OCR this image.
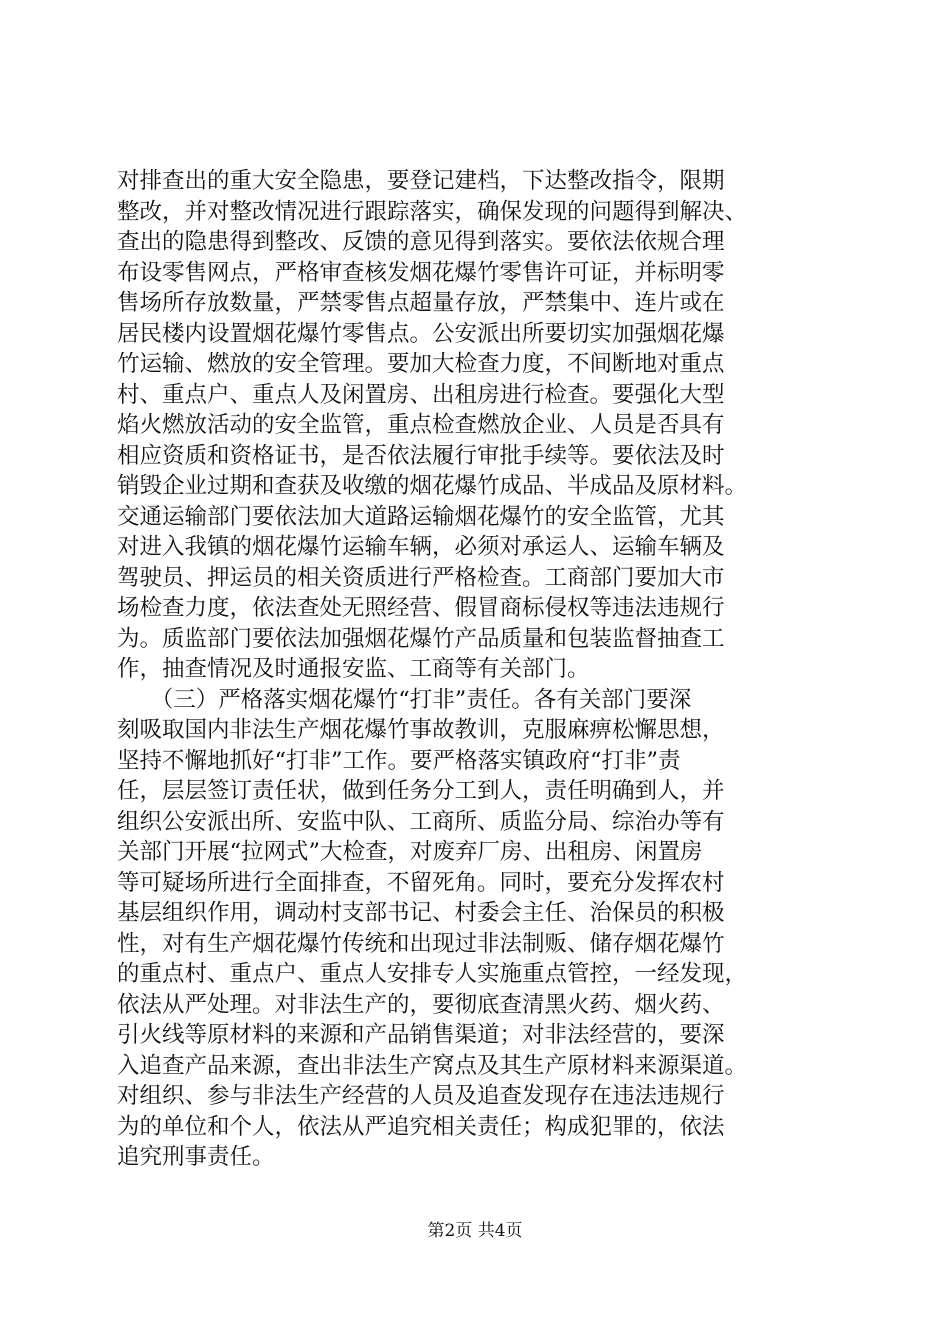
对排查出的重大安全隐患，要登记建档，下达整改指令，限期
整改，并对整改情况进行跟踪落实，确保发现的问题得到解决、
查出的隐患得到整改、反馈的意见得到落实。要依法依规合理
布设零售网点，严格审查核发烟花爆竹零售许可证，并标明零
售场所存放数量，严禁零售点超量存放，严禁集中、连片或在
居民楼内设置烟花爆竹零售点。公安派出所要切实加强烟花爆
竹运输、燃放的安全管理。要加大检查力度，不间断地对重点
村、重点户、重点人及闲置房、出租房进行检查。要强化大型
焰火燃放活动的安全监管，重点检查燃放企业、人员是否具有
相应资质和资格证书，是否依法履行审批手续等。要依法及时
销毁企业过期和查获及收缴的烟花爆竹成品、半成品及原材料。
交通运输部门要依法加大道路运输烟花爆竹的安全监管，尤其
对进入我镇的烟花爆竹运输车辆，必须对承运人、运输车辆及
驾驶员、押运员的相关资质进行严格检查。工商部门要加大市
场检查力度，依法查处无照经营、假冒商标侵权等违法违规行
为。质监部门要依法加强烟花爆竹产品质量和包装监督抽查工
作，抽查情况及时通报安监、工商等有关部门。
　　（三）严格落实烟花爆竹“打非”责任。各有关部门要深
刻吸取国内非法生产烟花爆竹事故教训，克服麻痹松懈思想，
坚持不懈地抓好“打非”工作。要严格落实镇政府“打非”责
任，层层签订责任状，做到任务分工到人，责任明确到人，并
组织公安派出所、安监中队、工商所、质监分局、综治办等有
关部门开展“拉网式”大检查，对废弃厂房、出租房、闲置房
等可疑场所进行全面排查，不留死角。同时，要充分发挥农村
基层组织作用，调动村支部书记、村委会主任、治保员的积极
性，对有生产烟花爆竹传统和出现过非法制贩、储存烟花爆竹
的重点村、重点户、重点人安排专人实施重点管控，一经发现，
依法从严处理。对非法生产的，要彻底查清黑火药、烟火药、
引火线等原材料的来源和产品销售渠道；对非法经营的，要深
入追查产品来源，查出非法生产窝点及其生产原材料来源渠道。
对组织、参与非法生产经营的人员及追查发现存在违法违规行
为的单位和个人，依法从严追究相关责任；构成犯罪的，依法
追究刑事责任。
第2页 共4页
